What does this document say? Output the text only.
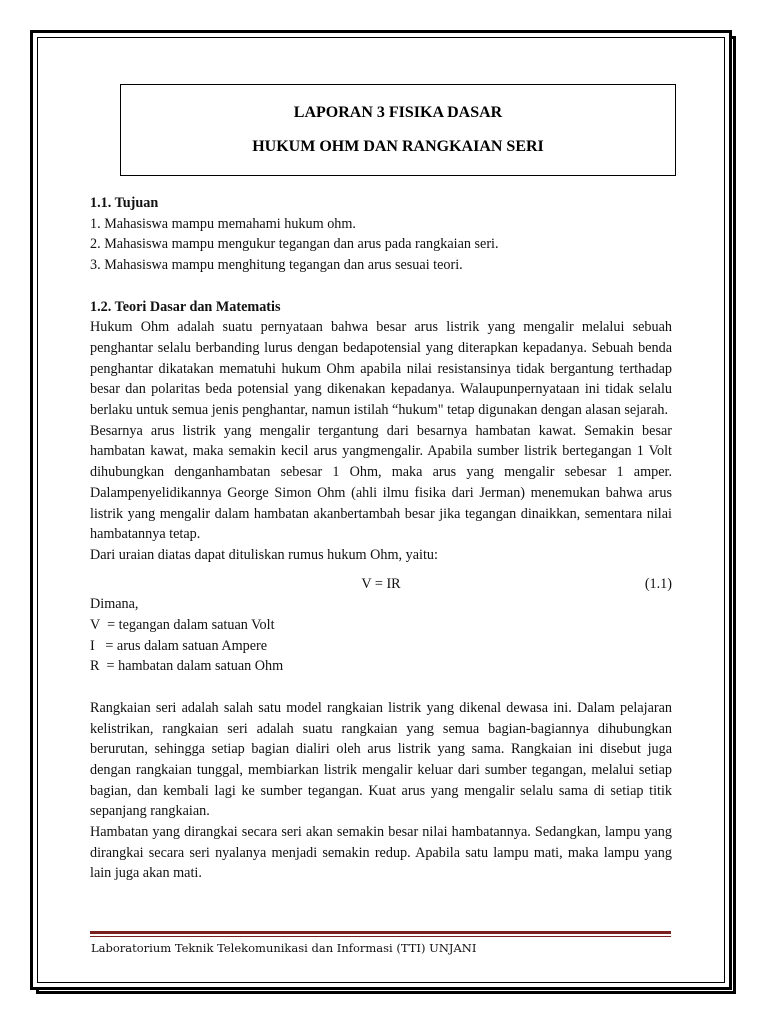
LAPORAN 3 FISIKA DASAR
HUKUM OHM DAN RANGKAIAN SERI

1.1. Tujuan

1. Mahasiswa mampu memahami hukum ohm.

2. Mahasiswa mampu mengukur tegangan dan arus pada rangkaian seri.

3. Mahasiswa mampu menghitung tegangan dan arus sesuai teori.

1.2. Teori Dasar dan Matematis

Hukum Ohm adalah suatu pernyataan bahwa besar arus listrik yang mengalir melalui sebuah penghantar selalu berbanding lurus dengan bedapotensial yang diterapkan kepadanya. Sebuah benda penghantar dikatakan mematuhi hukum Ohm apabila nilai resistansinya tidak bergantung terthadap besar dan polaritas beda potensial yang dikenakan kepadanya. Walaupunpernyataan ini tidak selalu berlaku untuk semua jenis penghantar, namun istilah “hukum" tetap digunakan dengan alasan sejarah.

Besarnya arus listrik yang mengalir tergantung dari besarnya hambatan kawat. Semakin besar hambatan kawat, maka semakin kecil arus yangmengalir. Apabila sumber listrik bertegangan 1 Volt dihubungkan denganhambatan sebesar 1 Ohm, maka arus yang mengalir sebesar 1 amper. Dalampenyelidikannya George Simon Ohm (ahli ilmu fisika dari Jerman) menemukan bahwa arus listrik yang mengalir dalam hambatan akanbertambah besar jika tegangan dinaikkan, sementara nilai hambatannya tetap.

Dari uraian diatas dapat dituliskan rumus hukum Ohm, yaitu:

V = IR	(1.1)

Dimana,

V  = tegangan dalam satuan Volt

I   = arus dalam satuan Ampere

R  = hambatan dalam satuan Ohm

Rangkaian seri adalah salah satu model rangkaian listrik yang dikenal dewasa ini. Dalam pelajaran kelistrikan, rangkaian seri adalah suatu rangkaian yang semua bagian-bagiannya dihubungkan berurutan, sehingga setiap bagian dialiri oleh arus listrik yang sama. Rangkaian ini disebut juga dengan rangkaian tunggal, membiarkan listrik mengalir keluar dari sumber tegangan, melalui setiap bagian, dan kembali lagi ke sumber tegangan. Kuat arus yang mengalir selalu sama di setiap titik sepanjang rangkaian.

Hambatan yang dirangkai secara seri akan semakin besar nilai hambatannya. Sedangkan, lampu yang dirangkai secara seri nyalanya menjadi semakin redup. Apabila satu lampu mati, maka lampu yang lain juga akan mati.

Laboratorium Teknik Telekomunikasi dan Informasi (TTI) UNJANI
